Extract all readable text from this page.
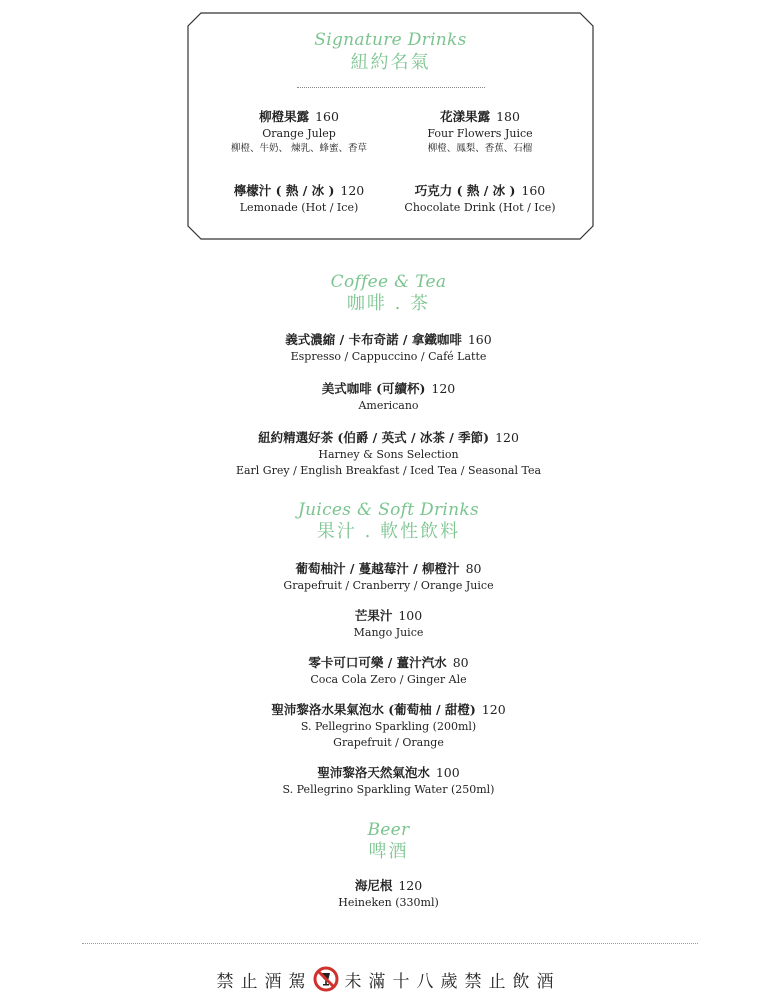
Signature Drinks
紐約名氣
柳橙果露 160
Orange Julep
柳橙、牛奶、 煉乳、蜂蜜、香草
花漾果露 180
Four Flowers Juice
柳橙、鳳梨、香蕉、石榴
檸檬汁 ( 熱 / 冰 ) 120
Lemonade (Hot / Ice)
巧克力 ( 熱 / 冰 ) 160
Chocolate Drink (Hot / Ice)
Coffee & Tea
咖啡 . 茶
義式濃縮 / 卡布奇諾 / 拿鐵咖啡 160
Espresso / Cappuccino / Café Latte
美式咖啡 (可續杯) 120
Americano
紐約精選好茶 (伯爵 / 英式 / 冰茶 / 季節) 120
Harney & Sons Selection
Earl Grey / English Breakfast / Iced Tea / Seasonal Tea
Juices & Soft Drinks
果汁 . 軟性飲料
葡萄柚汁 / 蔓越莓汁 / 柳橙汁 80
Grapefruit / Cranberry / Orange Juice
芒果汁 100
Mango Juice
零卡可口可樂 / 薑汁汽水 80
Coca Cola Zero / Ginger Ale
聖沛黎洛水果氣泡水 (葡萄柚 / 甜橙) 120
S. Pellegrino Sparkling (200ml)
Grapefruit / Orange
聖沛黎洛天然氣泡水 100
S. Pellegrino Sparkling Water (250ml)
Beer
啤酒
海尼根 120
Heineken (330ml)
禁止酒駕 未滿十八歲禁止飲酒
